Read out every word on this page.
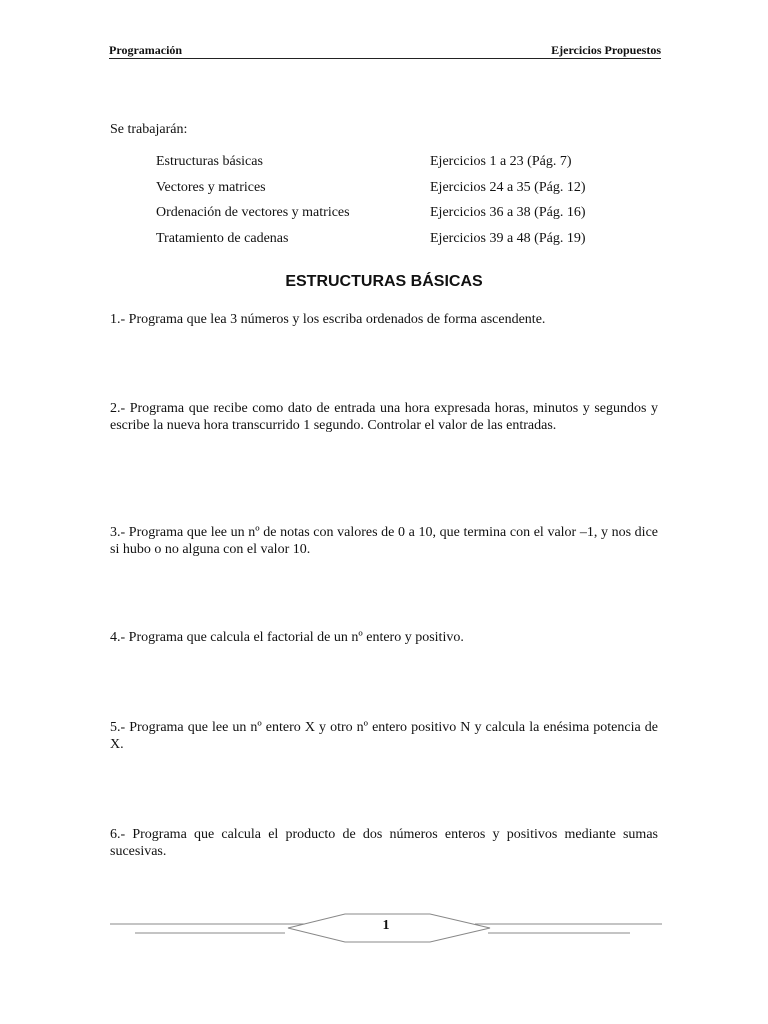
Programación	Ejercicios Propuestos
Se trabajarán:
Estructuras básicas	Ejercicios 1 a 23 (Pág. 7)
Vectores y matrices	Ejercicios 24 a 35 (Pág. 12)
Ordenación de vectores y matrices	Ejercicios 36 a 38 (Pág. 16)
Tratamiento de cadenas	Ejercicios 39 a 48 (Pág. 19)
ESTRUCTURAS BÁSICAS
1.- Programa que lea 3 números y los escriba ordenados de forma ascendente.
2.- Programa que recibe como dato de entrada una hora expresada horas, minutos y segundos y escribe la nueva hora transcurrido 1 segundo. Controlar el valor de las entradas.
3.- Programa que lee un nº de notas con valores de 0 a 10, que termina con el valor –1, y nos dice si hubo o no alguna con el valor 10.
4.- Programa que calcula el factorial de un nº entero y positivo.
5.- Programa que lee un nº entero X y otro nº entero positivo N y calcula la enésima potencia de X.
6.- Programa que calcula el producto de dos números enteros y positivos mediante sumas sucesivas.
1
